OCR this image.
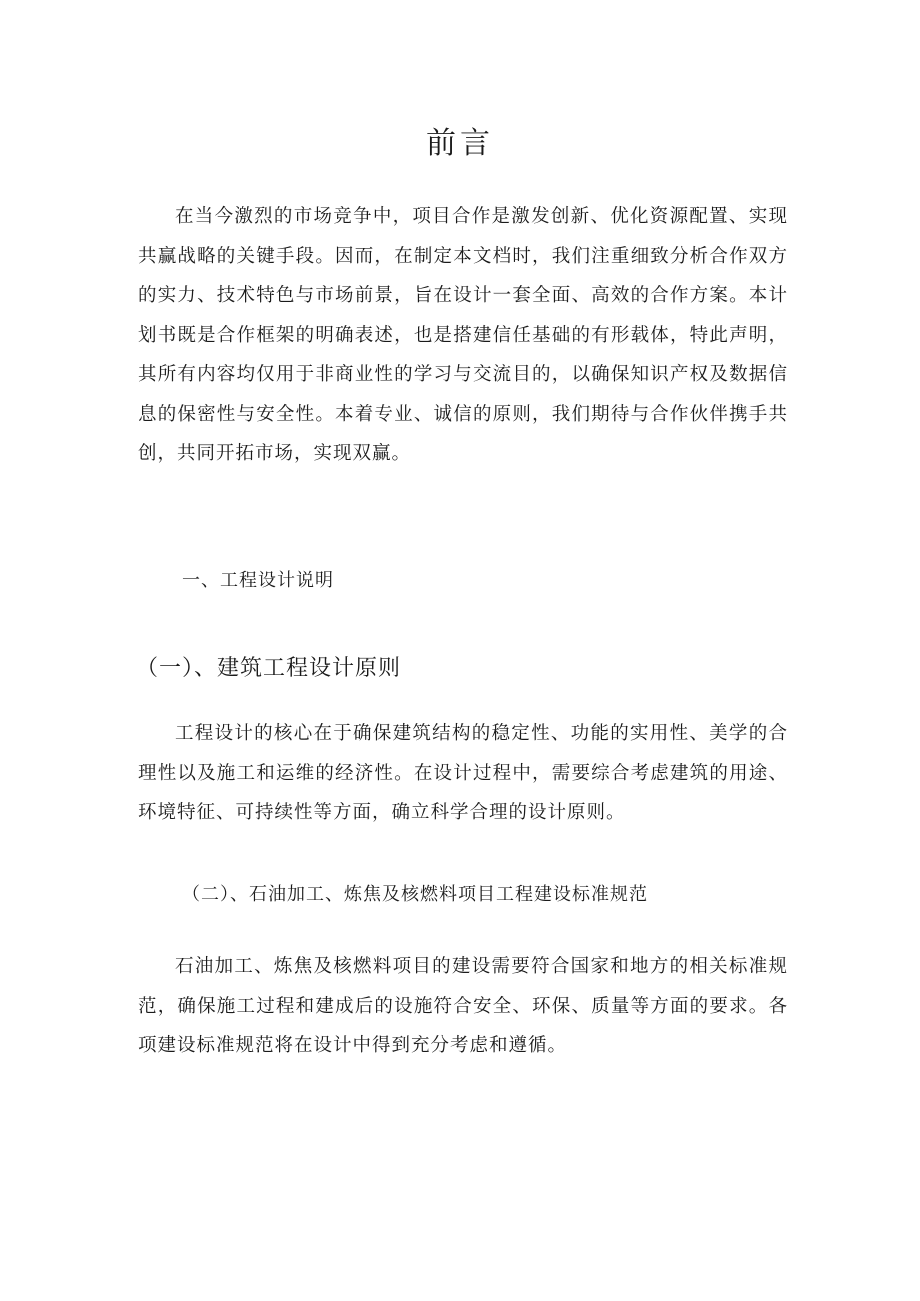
前言

在当今激烈的市场竞争中，项目合作是激发创新、优化资源配置、实现共赢战略的关键手段。因而，在制定本文档时，我们注重细致分析合作双方的实力、技术特色与市场前景，旨在设计一套全面、高效的合作方案。本计划书既是合作框架的明确表述，也是搭建信任基础的有形载体，特此声明，其所有内容均仅用于非商业性的学习与交流目的，以确保知识产权及数据信息的保密性与安全性。本着专业、诚信的原则，我们期待与合作伙伴携手共创，共同开拓市场，实现双赢。

一、工程设计说明
（一）、建筑工程设计原则

工程设计的核心在于确保建筑结构的稳定性、功能的实用性、美学的合理性以及施工和运维的经济性。在设计过程中，需要综合考虑建筑的用途、环境特征、可持续性等方面，确立科学合理的设计原则。

（二）、石油加工、炼焦及核燃料项目工程建设标准规范

石油加工、炼焦及核燃料项目的建设需要符合国家和地方的相关标准规范，确保施工过程和建成后的设施符合安全、环保、质量等方面的要求。各项建设标准规范将在设计中得到充分考虑和遵循。
